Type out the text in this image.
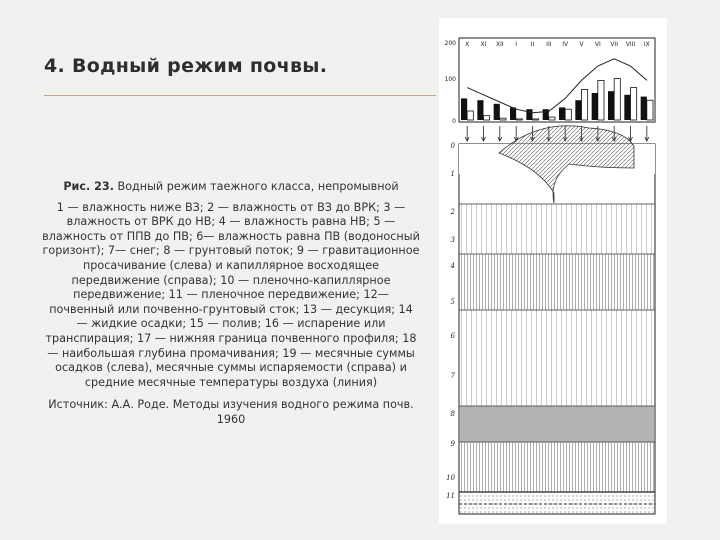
4. Водный режим почвы.

Рис. 23. Водный режим таежного класса, непромывной

1 — влажность ниже ВЗ; 2 — влажность от ВЗ до ВРК; 3 — влажность от ВРК до НВ; 4 — влажность равна НВ; 5 — влажность от ППВ до ПВ; 6— влажность равна ПВ (водоносный горизонт); 7— снег; 8 — грунтовый поток; 9 — гравитационное просачивание (слева) и капиллярное восходящее передвижение (справа); 10 — пленочно-капиллярное передвижение; 11 — пленочное передвижение; 12— почвенный или почвенно-грунтовый сток; 13 — десукция; 14 — жидкие осадки; 15 — полив; 16 — испарение или транспирация; 17 — нижняя граница почвенного профиля; 18 — наибольшая глубина промачивания; 19 — месячные суммы осадков (слева), месячные суммы испаряемости (справа) и средние месячные температуры воздуха (линия)

Источник: А.А. Роде. Методы изучения водного режима почв. 1960

X XI XII I II III IV V VI VII VIII IX
200
100
0
0
1
2
3
4
5
6
7
8
9
10
11
